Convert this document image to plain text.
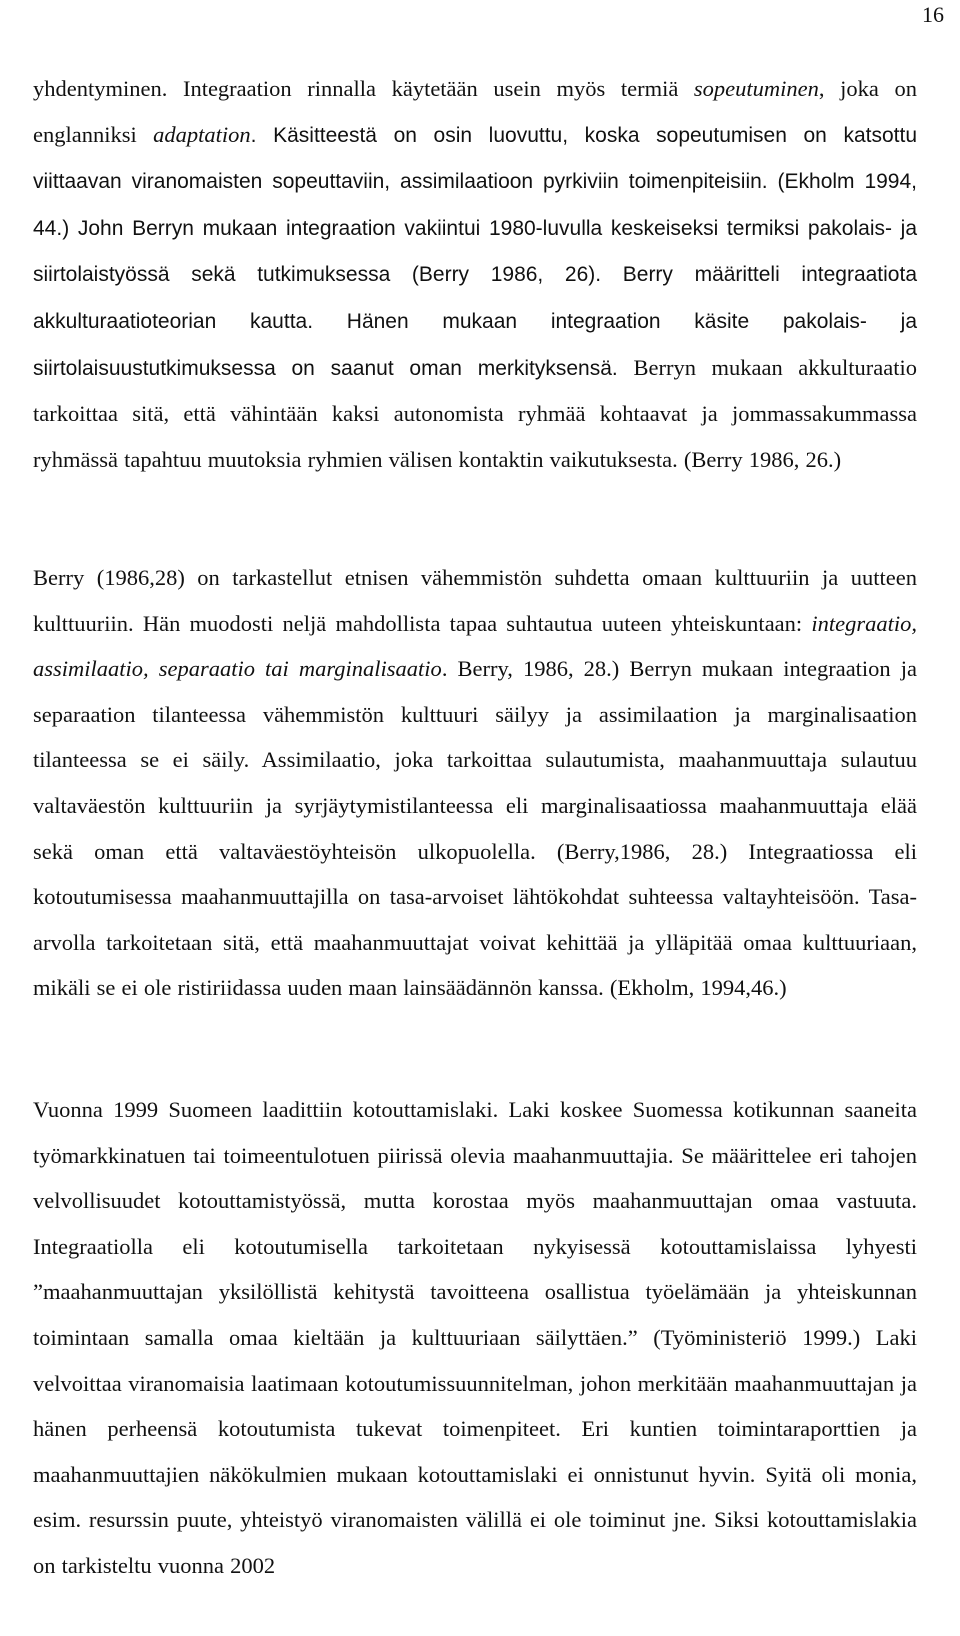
16

yhdentyminen. Integraation rinnalla käytetään usein myös termiä sopeutuminen, joka on englanniksi adaptation. Käsitteestä on osin luovuttu, koska sopeutumisen on katsottu viittaavan viranomaisten sopeuttaviin, assimilaatioon pyrkiviin toimenpiteisiin. (Ekholm 1994, 44.) John Berryn mukaan integraation vakiintui 1980-luvulla keskeiseksi termiksi pakolais- ja siirtolaistyössä sekä tutkimuksessa (Berry 1986, 26). Berry määritteli integraatiota akkulturaatioteorian kautta. Hänen mukaan integraation käsite pakolais- ja siirtolaisuustutkimuksessa on saanut oman merkityksensä. Berryn mukaan akkulturaatio tarkoittaa sitä, että vähintään kaksi autonomista ryhmää kohtaavat ja jommassakummassa ryhmässä tapahtuu muutoksia ryhmien välisen kontaktin vaikutuksesta. (Berry 1986, 26.)

Berry (1986,28) on tarkastellut etnisen vähemmistön suhdetta omaan kulttuuriin ja uutteen kulttuuriin. Hän muodosti neljä mahdollista tapaa suhtautua uuteen yhteiskuntaan: integraatio, assimilaatio, separaatio tai marginalisaatio. Berry, 1986, 28.) Berryn mukaan integraation ja separaation tilanteessa vähemmistön kulttuuri säilyy ja assimilaation ja marginalisaation tilanteessa se ei säily. Assimilaatio, joka tarkoittaa sulautumista, maahanmuuttaja sulautuu valtaväestön kulttuuriin ja syrjäytymistilanteessa eli marginalisaatiossa maahanmuuttaja elää sekä oman että valtaväestöyhteisön ulkopuolella. (Berry,1986, 28.) Integraatiossa eli kotoutumisessa maahanmuuttajilla on tasa-arvoiset lähtökohdat suhteessa valtayhteisöön. Tasa-arvolla tarkoitetaan sitä, että maahanmuuttajat voivat kehittää ja ylläpitää omaa kulttuuriaan, mikäli se ei ole ristiriidassa uuden maan lainsäädännön kanssa. (Ekholm, 1994,46.)

Vuonna 1999 Suomeen laadittiin kotouttamislaki. Laki koskee Suomessa kotikunnan saaneita työmarkkinatuen tai toimeentulotuen piirissä olevia maahanmuuttajia. Se määrittelee eri tahojen velvollisuudet kotouttamistyössä, mutta korostaa myös maahanmuuttajan omaa vastuuta. Integraatiolla eli kotoutumisella tarkoitetaan nykyisessä kotouttamislaissa lyhyesti ”maahanmuuttajan yksilöllistä kehitystä tavoitteena osallistua työelämään ja yhteiskunnan toimintaan samalla omaa kieltään ja kulttuuriaan säilyttäen.” (Työministeriö 1999.) Laki velvoittaa viranomaisia laatimaan kotoutumissuunnitelman, johon merkitään maahanmuuttajan ja hänen perheensä kotoutumista tukevat toimenpiteet. Eri kuntien toimintaraporttien ja maahanmuuttajien näkökulmien mukaan kotouttamislaki ei onnistunut hyvin. Syitä oli monia, esim. resurssin puute, yhteistyö viranomaisten välillä ei ole toiminut jne. Siksi kotouttamislakia on tarkisteltu vuonna 2002
